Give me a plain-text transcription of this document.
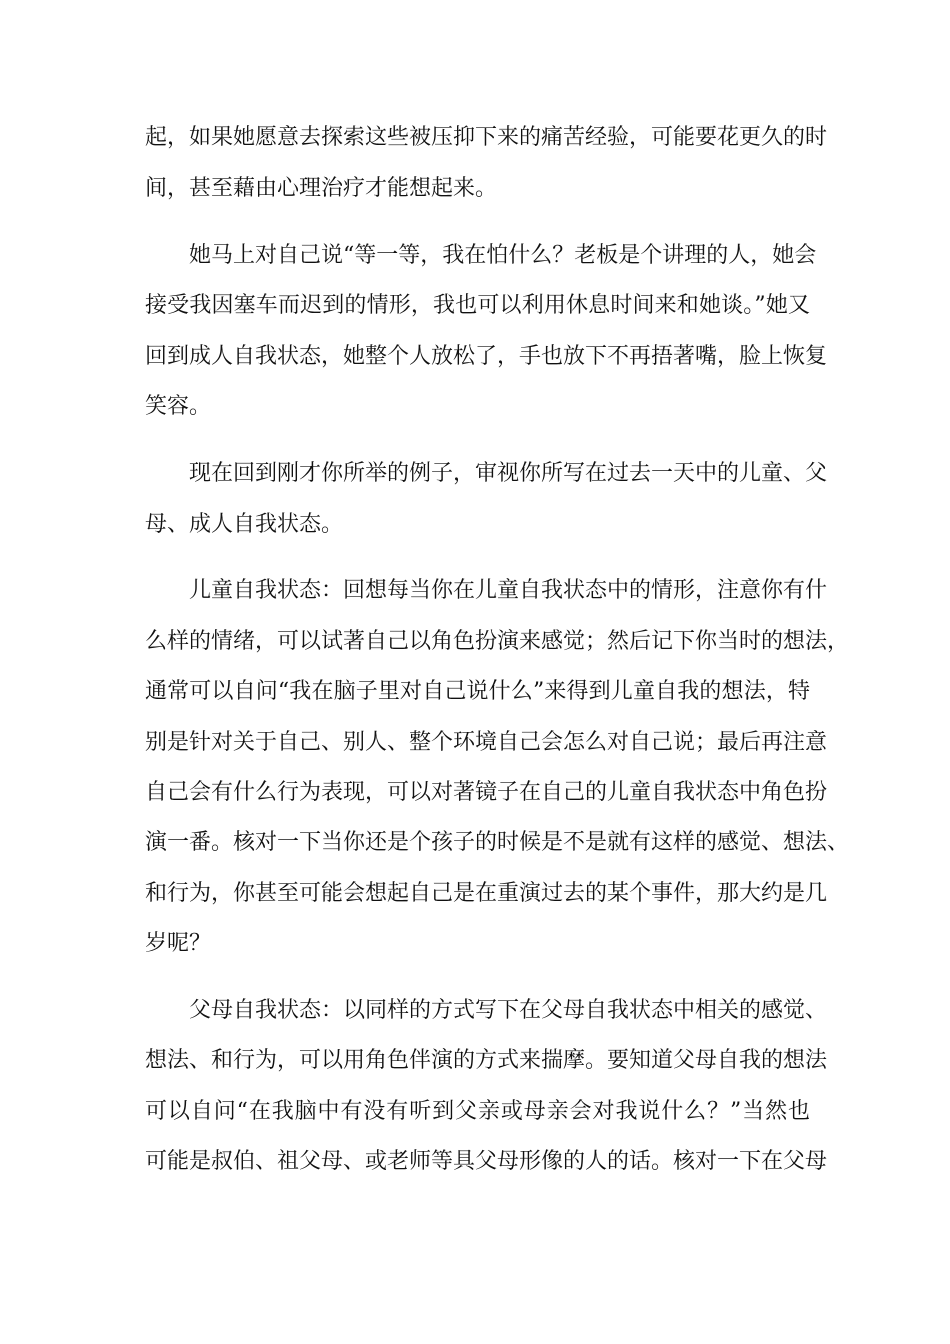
起，如果她愿意去探索这些被压抑下来的痛苦经验，可能要花更久的时
间，甚至藉由心理治疗才能想起来。
她马上对自己说“等一等，我在怕什么？老板是个讲理的人，她会
接受我因塞车而迟到的情形，我也可以利用休息时间来和她谈。”她又
回到成人自我状态，她整个人放松了，手也放下不再捂著嘴，脸上恢复
笑容。
现在回到刚才你所举的例子，审视你所写在过去一天中的儿童、父
母、成人自我状态。
儿童自我状态：回想每当你在儿童自我状态中的情形，注意你有什
么样的情绪，可以试著自己以角色扮演来感觉；然后记下你当时的想法，
通常可以自问“我在脑子里对自己说什么”来得到儿童自我的想法，特
别是针对关于自己、别人、整个环境自己会怎么对自己说；最后再注意
自己会有什么行为表现，可以对著镜子在自己的儿童自我状态中角色扮
演一番。核对一下当你还是个孩子的时候是不是就有这样的感觉、想法、
和行为，你甚至可能会想起自己是在重演过去的某个事件，那大约是几
岁呢？
父母自我状态：以同样的方式写下在父母自我状态中相关的感觉、
想法、和行为，可以用角色伴演的方式来揣摩。要知道父母自我的想法
可以自问“在我脑中有没有听到父亲或母亲会对我说什么？”当然也
可能是叔伯、祖父母、或老师等具父母形像的人的话。核对一下在父母
